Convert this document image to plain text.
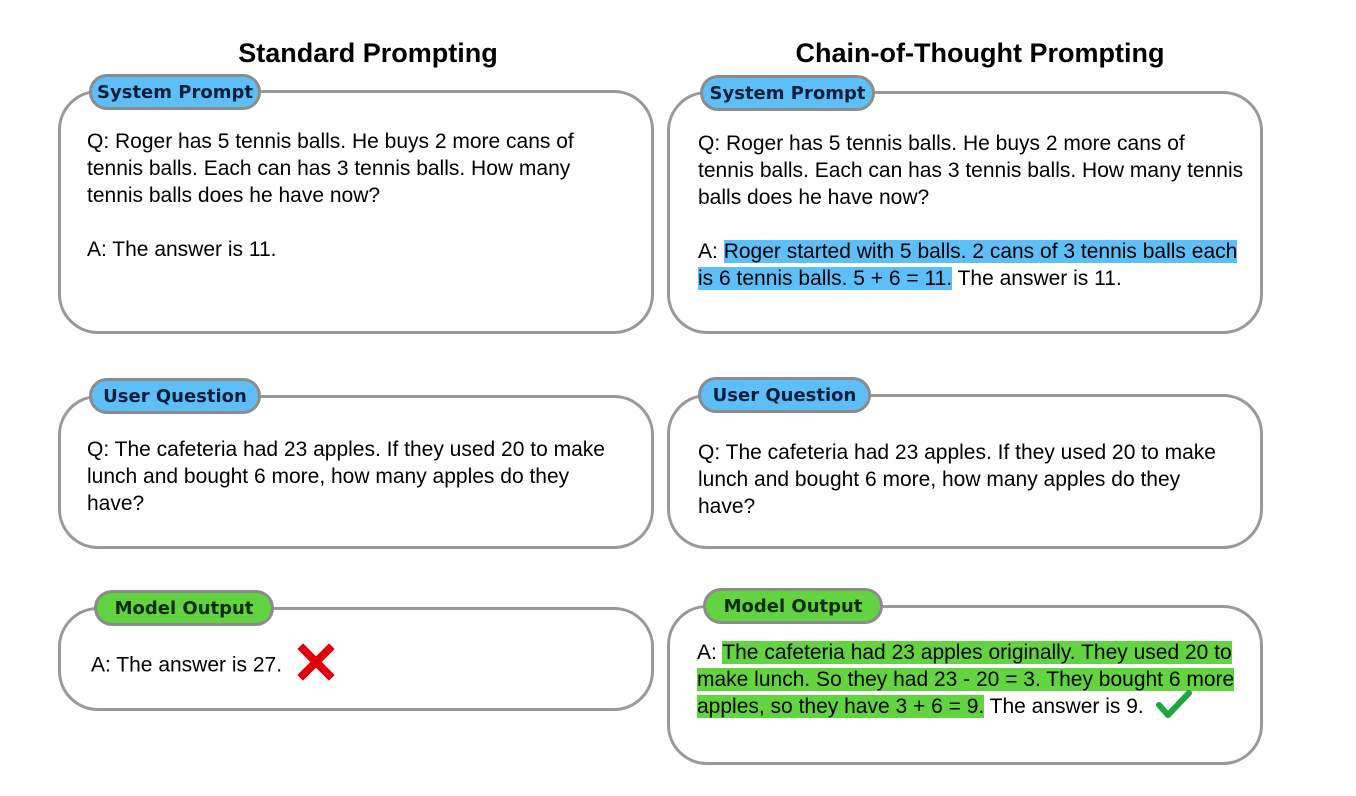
Standard Prompting	Chain-of-Thought Prompting
System Prompt

Q: Roger has 5 tennis balls. He buys 2 more cans of tennis balls. Each can has 3 tennis balls. How many tennis balls does he have now?

A: The answer is 11.

System Prompt

Q: Roger has 5 tennis balls. He buys 2 more cans of tennis balls. Each can has 3 tennis balls. How many tennis balls does he have now?

A: Roger started with 5 balls. 2 cans of 3 tennis balls each is 6 tennis balls. 5 + 6 = 11. The answer is 11.

User Question
Q: The cafeteria had 23 apples. If they used 20 to make lunch and bought 6 more, how many apples do they have?
User Question
Q: The cafeteria had 23 apples. If they used 20 to make lunch and bought 6 more, how many apples do they have?
Model Output
A: The answer is 27.
Model Output
A: The cafeteria had 23 apples originally. They used 20 to make lunch. So they had 23 - 20 = 3. They bought 6 more apples, so they have 3 + 6 = 9. The answer is 9.
